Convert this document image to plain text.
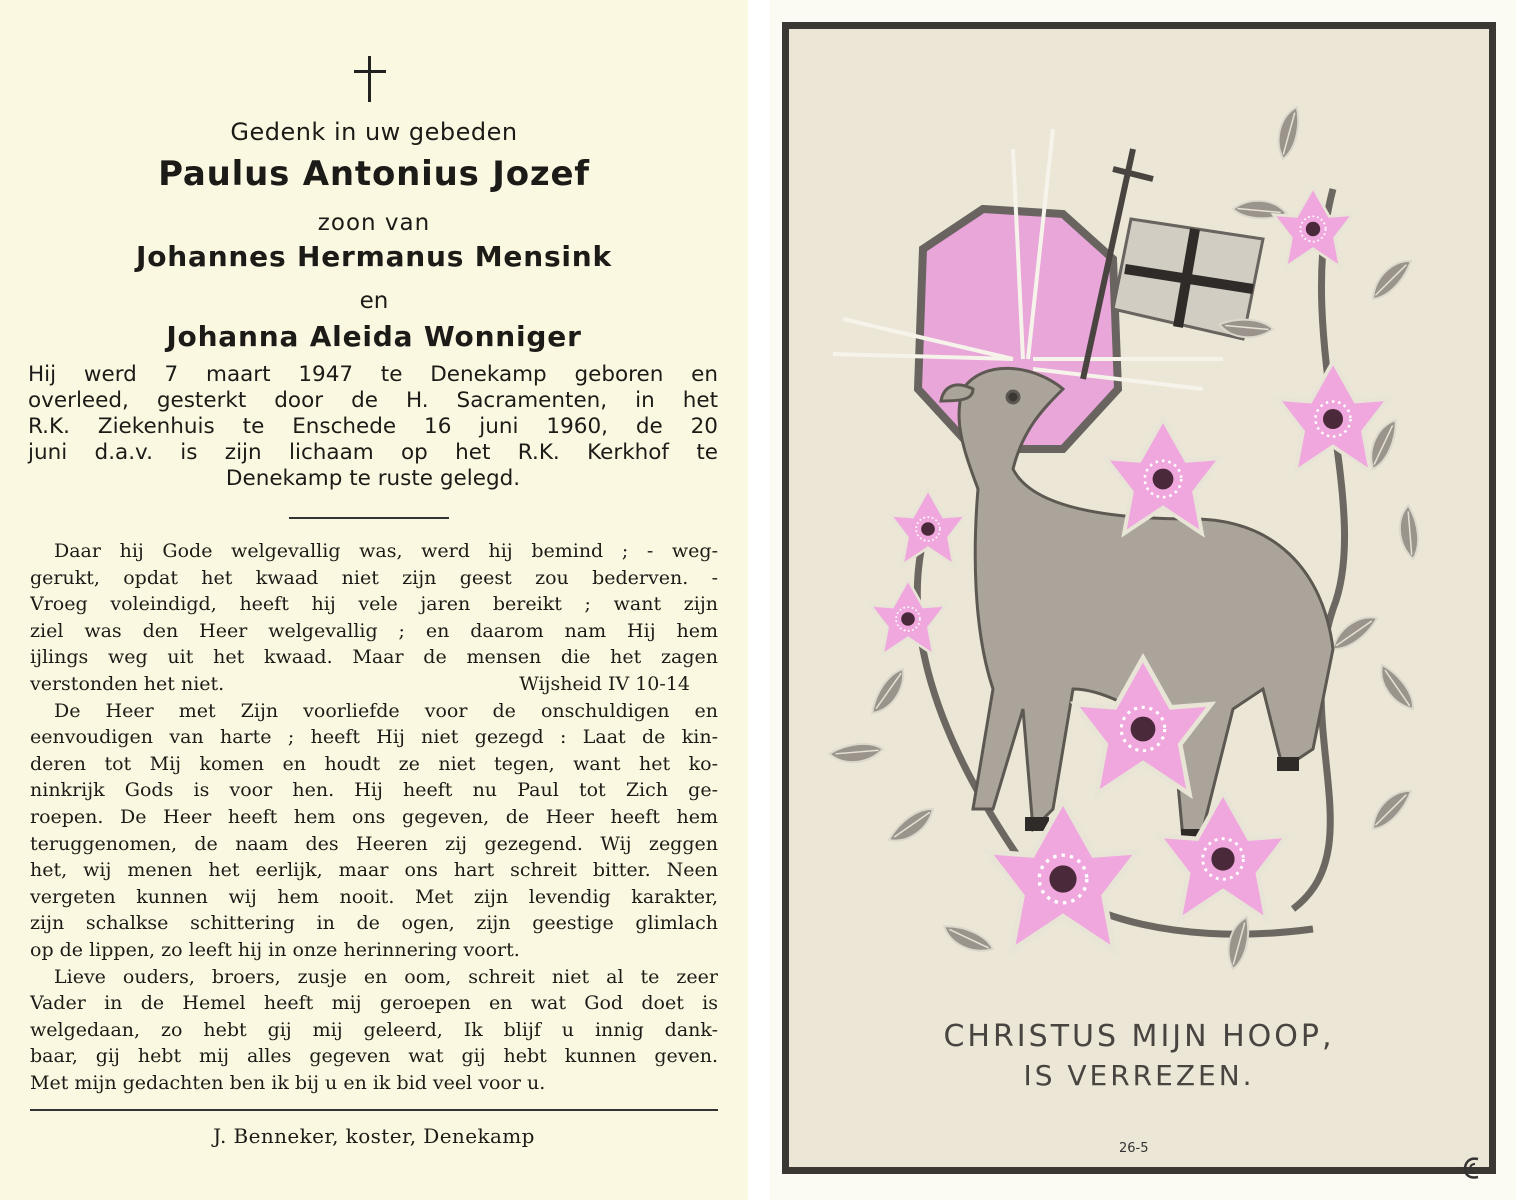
Gedenk in uw gebeden
Paulus Antonius Jozef
zoon van
Johannes Hermanus Mensink
en
Johanna Aleida Wonniger
Hij werd 7 maart 1947 te Denekamp geboren en
overleed, gesterkt door de H. Sacramenten, in het
R.K. Ziekenhuis te Enschede 16 juni 1960, de 20
juni d.a.v. is zijn lichaam op het R.K. Kerkhof te
Denekamp te ruste gelegd.
Daar hij Gode welgevallig was, werd hij bemind ; - weg-
gerukt, opdat het kwaad niet zijn geest zou bederven. -
Vroeg voleindigd, heeft hij vele jaren bereikt ; want zijn
ziel was den Heer welgevallig ; en daarom nam Hij hem
ijlings weg uit het kwaad. Maar de mensen die het zagen
verstonden het niet.	Wijsheid IV 10-14
De Heer met Zijn voorliefde voor de onschuldigen en
eenvoudigen van harte ; heeft Hij niet gezegd : Laat de kin-
deren tot Mij komen en houdt ze niet tegen, want het ko-
ninkrijk Gods is voor hen. Hij heeft nu Paul tot Zich ge-
roepen. De Heer heeft hem ons gegeven, de Heer heeft hem
teruggenomen, de naam des Heeren zij gezegend. Wij zeggen
het, wij menen het eerlijk, maar ons hart schreit bitter. Neen
vergeten kunnen wij hem nooit. Met zijn levendig karakter,
zijn schalkse schittering in de ogen, zijn geestige glimlach
op de lippen, zo leeft hij in onze herinnering voort.
Lieve ouders, broers, zusje en oom, schreit niet al te zeer
Vader in de Hemel heeft mij geroepen en wat God doet is
welgedaan, zo hebt gij mij geleerd, Ik blijf u innig dank-
baar, gij hebt mij alles gegeven wat gij hebt kunnen geven.
Met mijn gedachten ben ik bij u en ik bid veel voor u.
J. Benneker, koster, Denekamp
CHRISTUS MIJN HOOP,
IS VERREZEN.
26-5
